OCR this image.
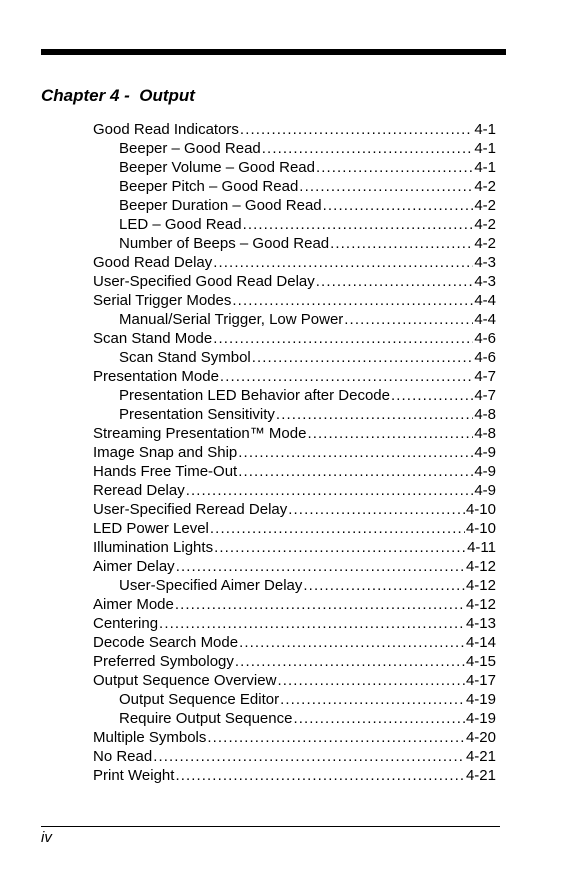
Chapter 4 -  Output
Good Read Indicators .....	4-1
Beeper – Good Read .....	4-1
Beeper Volume – Good Read .....	4-1
Beeper Pitch – Good Read .....	4-2
Beeper Duration – Good Read .....	4-2
LED – Good Read .....	4-2
Number of Beeps – Good Read .....	4-2
Good Read Delay .....	4-3
User-Specified Good Read Delay .....	4-3
Serial Trigger Modes .....	4-4
Manual/Serial Trigger, Low Power .....	4-4
Scan Stand Mode .....	4-6
Scan Stand Symbol .....	4-6
Presentation Mode .....	4-7
Presentation LED Behavior after Decode .....	4-7
Presentation Sensitivity .....	4-8
Streaming Presentation™ Mode .....	4-8
Image Snap and Ship .....	4-9
Hands Free Time-Out .....	4-9
Reread Delay .....	4-9
User-Specified Reread Delay .....	4-10
LED Power Level .....	4-10
Illumination Lights .....	4-11
Aimer Delay .....	4-12
User-Specified Aimer Delay .....	4-12
Aimer Mode .....	4-12
Centering .....	4-13
Decode Search Mode .....	4-14
Preferred Symbology .....	4-15
Output Sequence Overview .....	4-17
Output Sequence Editor .....	4-19
Require Output Sequence .....	4-19
Multiple Symbols .....	4-20
No Read .....	4-21
Print Weight .....	4-21

iv
